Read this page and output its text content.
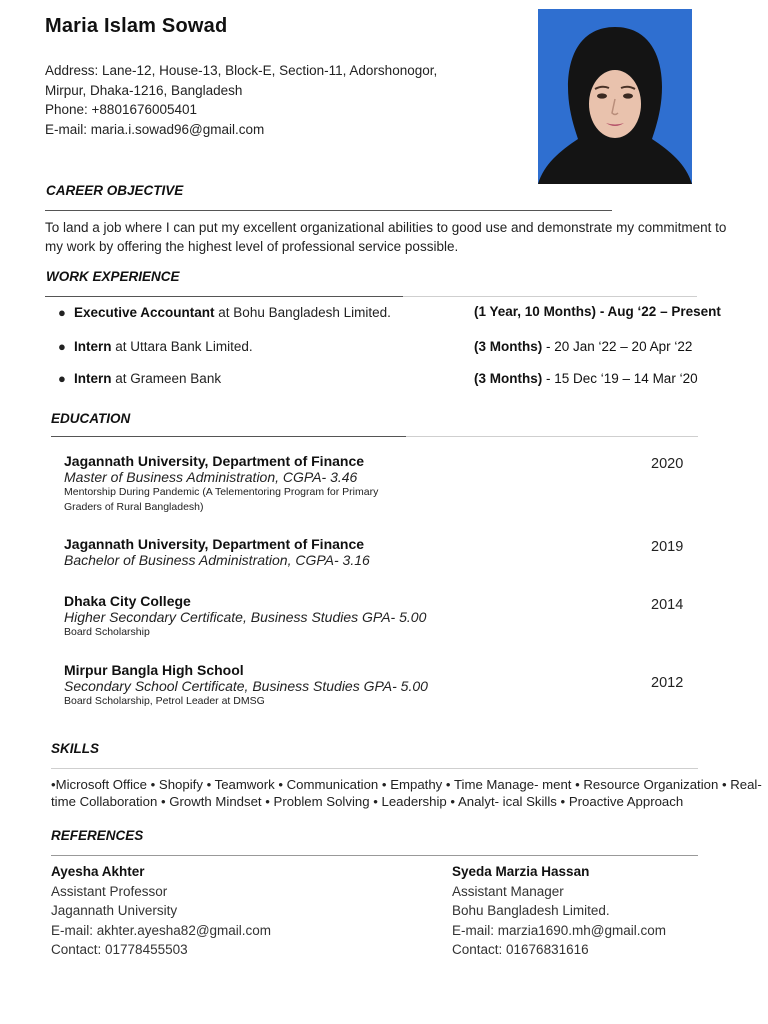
Maria Islam Sowad
Address: Lane-12, House-13, Block-E, Section-11, Adorshonogor,
Mirpur, Dhaka-1216, Bangladesh
Phone: +8801676005401
E-mail: maria.i.sowad96@gmail.com
CAREER OBJECTIVE
To land a job where I can put my excellent organizational abilities to good use and demonstrate my commitment to my work by offering the highest level of professional service possible.
WORK EXPERIENCE
● Executive Accountant at Bohu Bangladesh Limited.	(1 Year, 10 Months) - Aug ‘22 – Present
● Intern at Uttara Bank Limited.	(3 Months) - 20 Jan ‘22 – 20 Apr ‘22
● Intern at Grameen Bank	(3 Months) - 15 Dec ‘19 – 14 Mar ‘20
EDUCATION
Jagannath University, Department of Finance
Master of Business Administration, CGPA- 3.46
Mentorship During Pandemic (A Telementoring Program for Primary Graders of Rural Bangladesh)
2020
Jagannath University, Department of Finance
Bachelor of Business Administration, CGPA- 3.16
2019
Dhaka City College
Higher Secondary Certificate, Business Studies GPA- 5.00
Board Scholarship
2014
Mirpur Bangla High School
Secondary School Certificate, Business Studies GPA- 5.00
Board Scholarship, Petrol Leader at DMSG
2012
SKILLS
•Microsoft Office • Shopify • Teamwork • Communication • Empathy • Time Manage- ment • Resource Organization • Real-time Collaboration • Growth Mindset • Problem Solving • Leadership • Analyt- ical Skills • Proactive Approach
REFERENCES
Ayesha Akhter
Assistant Professor
Jagannath University
E-mail: akhter.ayesha82@gmail.com
Contact: 01778455503
Syeda Marzia Hassan
Assistant Manager
Bohu Bangladesh Limited.
E-mail: marzia1690.mh@gmail.com
Contact: 01676831616
